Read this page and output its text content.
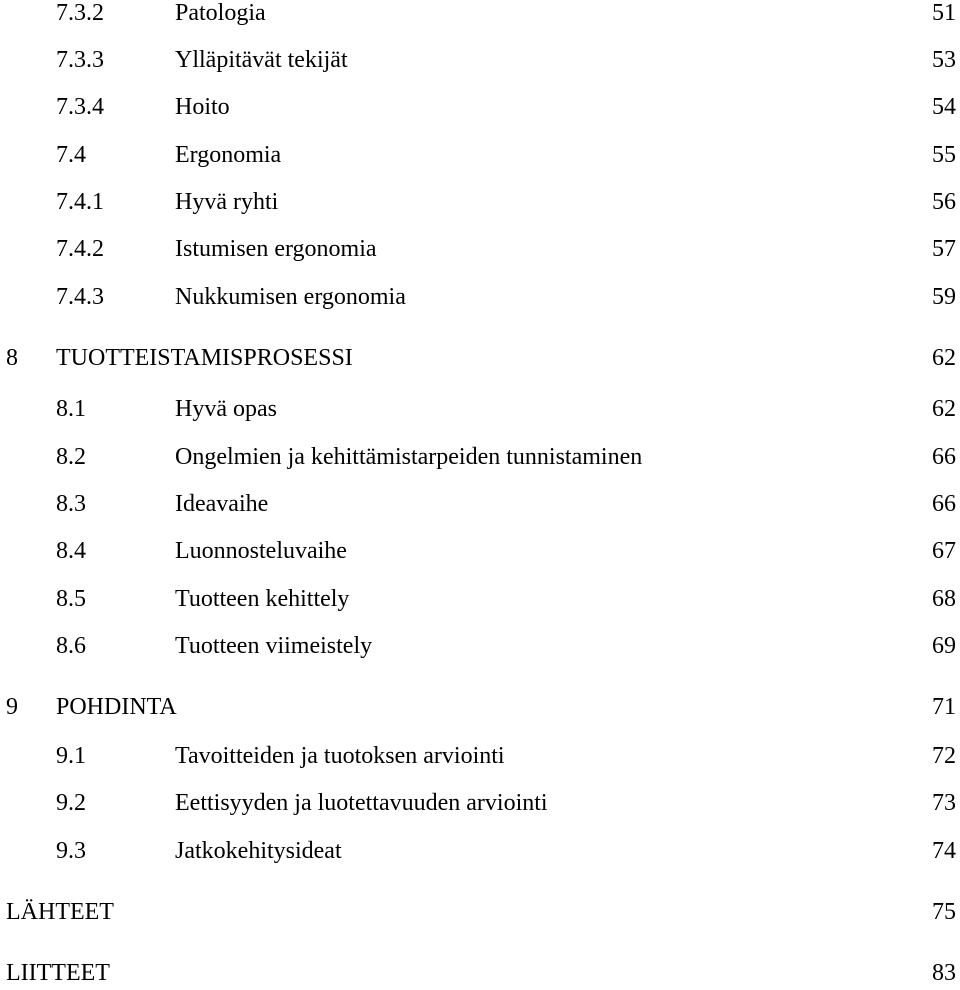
7.3.2	Patologia	51
7.3.3	Ylläpitävät tekijät	53
7.3.4	Hoito	54
7.4	Ergonomia	55
7.4.1	Hyvä ryhti	56
7.4.2	Istumisen ergonomia	57
7.4.3	Nukkumisen ergonomia	59
8 TUOTTEISTAMISPROSESSI	62
8.1	Hyvä opas	62
8.2	Ongelmien ja kehittämistarpeiden tunnistaminen	66
8.3	Ideavaihe	66
8.4	Luonnosteluvaihe	67
8.5	Tuotteen kehittely	68
8.6	Tuotteen viimeistely	69
9 POHDINTA	71
9.1	Tavoitteiden ja tuotoksen arviointi	72
9.2	Eettisyyden ja luotettavuuden arviointi	73
9.3	Jatkokehitysideat	74
LÄHTEET	75
LIITTEET	83
